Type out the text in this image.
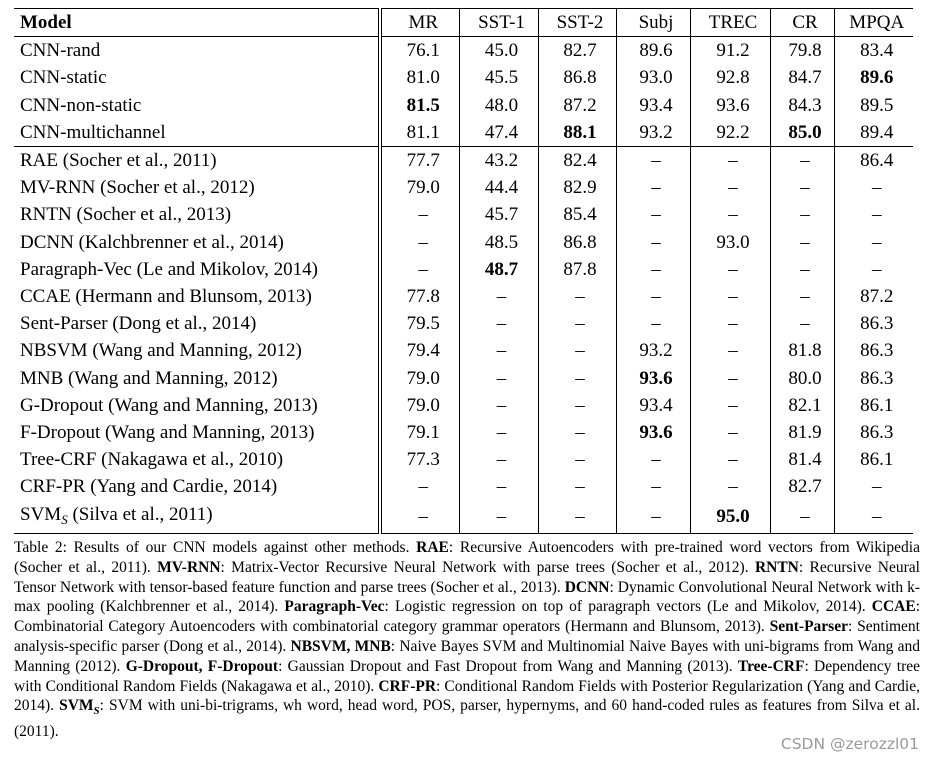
Model	MR	SST-1	SST-2	Subj	TREC	CR	MPQA
CNN-rand	76.1	45.0	82.7	89.6	91.2	79.8	83.4
CNN-static	81.0	45.5	86.8	93.0	92.8	84.7	89.6
CNN-non-static	81.5	48.0	87.2	93.4	93.6	84.3	89.5
CNN-multichannel	81.1	47.4	88.1	93.2	92.2	85.0	89.4
RAE (Socher et al., 2011)	77.7	43.2	82.4	–	–	–	86.4
MV-RNN (Socher et al., 2012)	79.0	44.4	82.9	–	–	–	–
RNTN (Socher et al., 2013)	–	45.7	85.4	–	–	–	–
DCNN (Kalchbrenner et al., 2014)	–	48.5	86.8	–	93.0	–	–
Paragraph-Vec (Le and Mikolov, 2014)	–	48.7	87.8	–	–	–	–
CCAE (Hermann and Blunsom, 2013)	77.8	–	–	–	–	–	87.2
Sent-Parser (Dong et al., 2014)	79.5	–	–	–	–	–	86.3
NBSVM (Wang and Manning, 2012)	79.4	–	–	93.2	–	81.8	86.3
MNB (Wang and Manning, 2012)	79.0	–	–	93.6	–	80.0	86.3
G-Dropout (Wang and Manning, 2013)	79.0	–	–	93.4	–	82.1	86.1
F-Dropout (Wang and Manning, 2013)	79.1	–	–	93.6	–	81.9	86.3
Tree-CRF (Nakagawa et al., 2010)	77.3	–	–	–	–	81.4	86.1
CRF-PR (Yang and Cardie, 2014)	–	–	–	–	–	82.7	–
$SVM_S$ (Silva et al., 2011)	–	–	–	–	95.0	–	–

Table 2: Results of our CNN models against other methods. RAE: Recursive Autoencoders with pre-trained word vectors from Wikipedia (Socher et al., 2011). MV-RNN: Matrix-Vector Recursive Neural Network with parse trees (Socher et al., 2012). RNTN: Recursive Neural Tensor Network with tensor-based feature function and parse trees (Socher et al., 2013). DCNN: Dynamic Convolutional Neural Network with k-max pooling (Kalchbrenner et al., 2014). Paragraph-Vec: Logistic regression on top of paragraph vectors (Le and Mikolov, 2014). CCAE: Combinatorial Category Autoencoders with combinatorial category grammar operators (Hermann and Blunsom, 2013). Sent-Parser: Sentiment analysis-specific parser (Dong et al., 2014). NBSVM, MNB: Naive Bayes SVM and Multinomial Naive Bayes with uni-bigrams from Wang and Manning (2012). G-Dropout, F-Dropout: Gaussian Dropout and Fast Dropout from Wang and Manning (2013). Tree-CRF: Dependency tree with Conditional Random Fields (Nakagawa et al., 2010). CRF-PR: Conditional Random Fields with Posterior Regularization (Yang and Cardie, 2014). $SVM_S$: SVM with uni-bi-trigrams, wh word, head word, POS, parser, hypernyms, and 60 hand-coded rules as features from Silva et al. (2011).

CSDN @zerozzl01
